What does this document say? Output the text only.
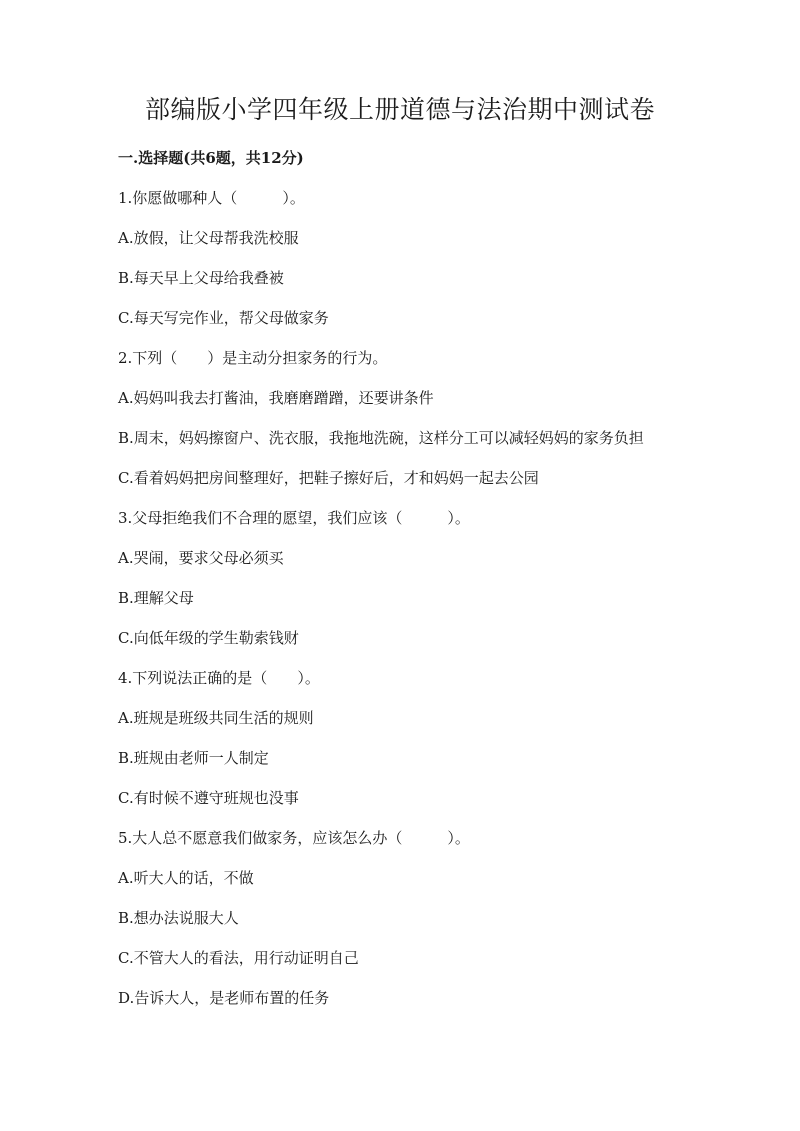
部编版小学四年级上册道德与法治期中测试卷
一.选择题(共6题，共12分)
1.你愿做哪种人（　　　）。
A.放假，让父母帮我洗校服
B.每天早上父母给我叠被
C.每天写完作业，帮父母做家务
2.下列（　　）是主动分担家务的行为。
A.妈妈叫我去打酱油，我磨磨蹭蹭，还要讲条件
B.周末，妈妈擦窗户、洗衣服，我拖地洗碗，这样分工可以减轻妈妈的家务负担
C.看着妈妈把房间整理好，把鞋子擦好后，才和妈妈一起去公园
3.父母拒绝我们不合理的愿望，我们应该（　　　）。
A.哭闹，要求父母必须买
B.理解父母
C.向低年级的学生勒索钱财
4.下列说法正确的是（　　）。
A.班规是班级共同生活的规则
B.班规由老师一人制定
C.有时候不遵守班规也没事
5.大人总不愿意我们做家务，应该怎么办（　　　）。
A.听大人的话，不做
B.想办法说服大人
C.不管大人的看法，用行动证明自己
D.告诉大人，是老师布置的任务
